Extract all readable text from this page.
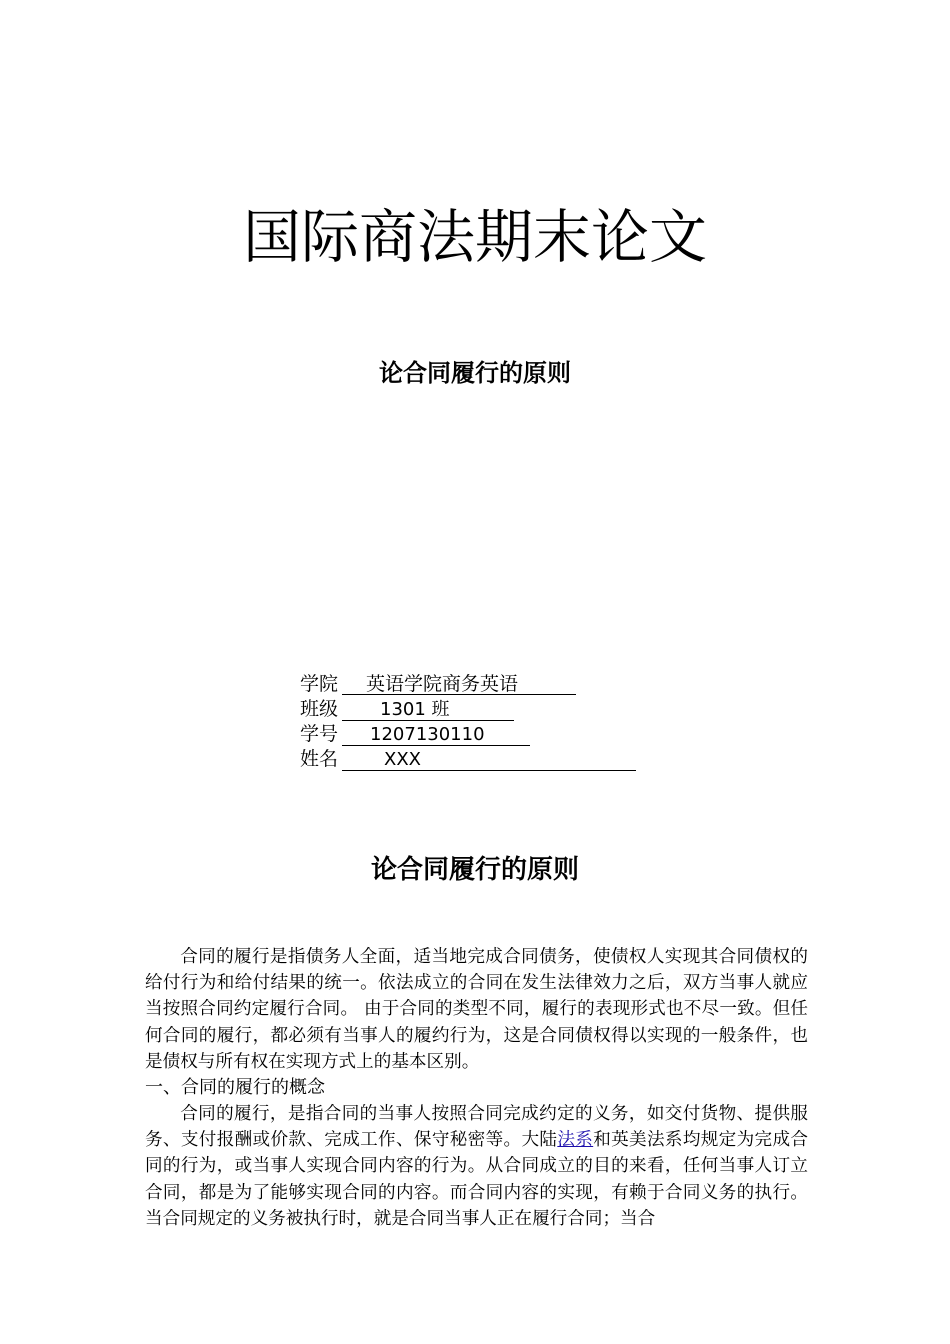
国际商法期末论文
论合同履行的原则
学院	英语学院商务英语
班级	1301 班
学号	1207130110
姓名	XXX
论合同履行的原则

合同的履行是指债务人全面，适当地完成合同债务，使债权人实现其合同债权的给付行为和给付结果的统一。依法成立的合同在发生法律效力之后，双方当事人就应当按照合同约定履行合同。 由于合同的类型不同，履行的表现形式也不尽一致。但任何合同的履行，都必须有当事人的履约行为，这是合同债权得以实现的一般条件，也是债权与所有权在实现方式上的基本区别。

一、合同的履行的概念

合同的履行，是指合同的当事人按照合同完成约定的义务，如交付货物、提供服务、支付报酬或价款、完成工作、保守秘密等。大陆法系和英美法系均规定为完成合同的行为，或当事人实现合同内容的行为。从合同成立的目的来看，任何当事人订立合同，都是为了能够实现合同的内容。而合同内容的实现，有赖于合同义务的执行。当合同规定的义务被执行时，就是合同当事人正在履行合同；当合
